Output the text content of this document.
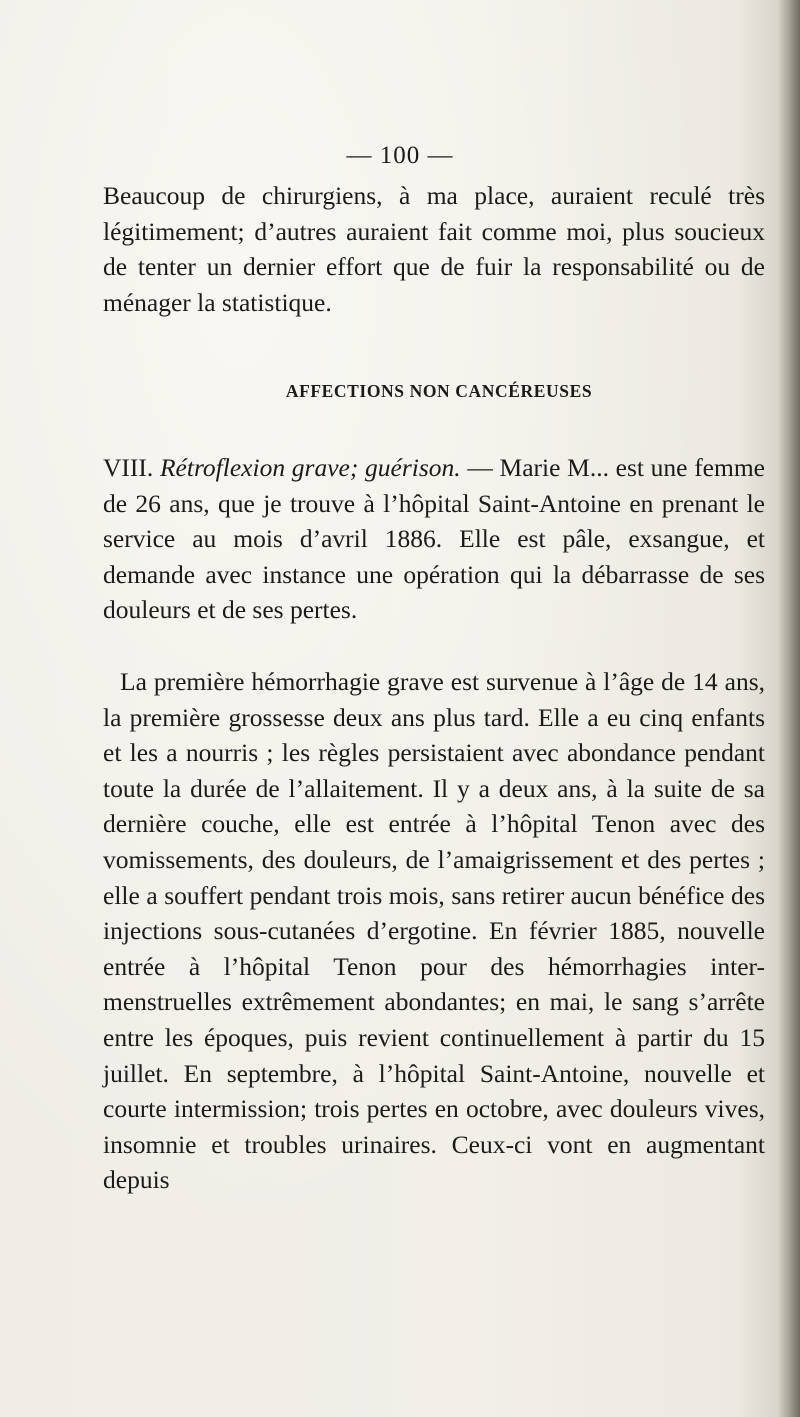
— 100 —

Beaucoup de chirurgiens, à ma place, auraient reculé très légitimement; d’autres auraient fait comme moi, plus soucieux de tenter un dernier effort que de fuir la responsabilité ou de ménager la statistique.

AFFECTIONS NON CANCÉREUSES

VIII. Rétroflexion grave; guérison. — Marie M... est une femme de 26 ans, que je trouve à l’hôpital Saint-Antoine en prenant le service au mois d’avril 1886. Elle est pâle, exsangue, et demande avec instance une opération qui la débarrasse de ses douleurs et de ses pertes.

La première hémorrhagie grave est survenue à l’âge de 14 ans, la première grossesse deux ans plus tard. Elle a eu cinq enfants et les a nourris ; les règles persistaient avec abondance pendant toute la durée de l’allaitement. Il y a deux ans, à la suite de sa dernière couche, elle est entrée à l’hôpital Tenon avec des vomissements, des douleurs, de l’amaigrissement et des pertes ; elle a souffert pendant trois mois, sans retirer aucun bénéfice des injections sous-cutanées d’ergotine. En février 1885, nouvelle entrée à l’hôpital Tenon pour des hémorrhagies inter-menstruelles extrêmement abondantes; en mai, le sang s’arrête entre les époques, puis revient continuellement à partir du 15 juillet. En septembre, à l’hôpital Saint-Antoine, nouvelle et courte intermission; trois pertes en octobre, avec douleurs vives, insomnie et troubles urinaires. Ceux-ci vont en augmentant depuis
